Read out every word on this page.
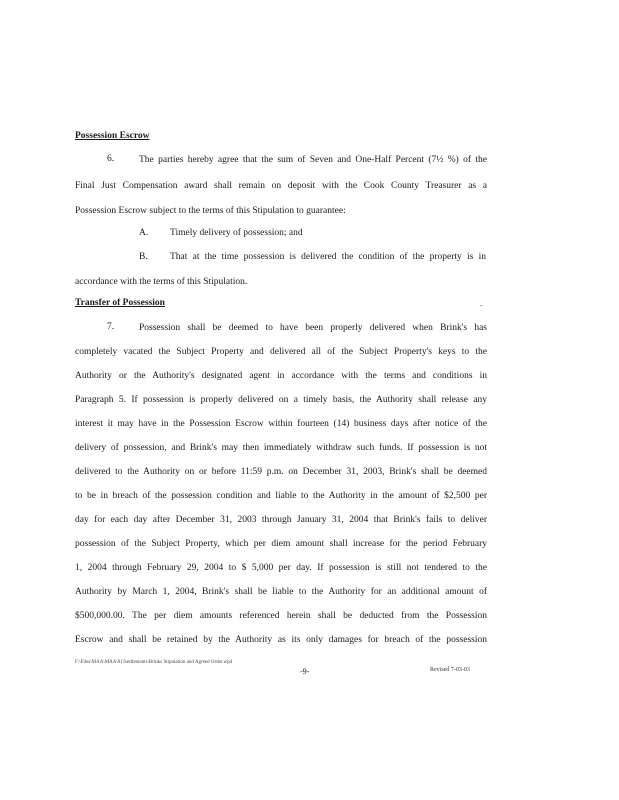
Possession Escrow
6.	The parties hereby agree that the sum of Seven and One-Half Percent (7½ %) of the
Final Just Compensation award shall remain on deposit with the Cook County Treasurer as a
Possession Escrow subject to the terms of this Stipulation to guarantee:
A. Timely delivery of possession; and
B. That at the time possession is delivered the condition of the property is in
accordance with the terms of this Stipulation.
Transfer of Possession	-
7.	Possession shall be deemed to have been properly delivered when Brink's has
completely vacated the Subject Property and delivered all of the Subject Property's keys to the
Authority or the Authority's designated agent in accordance with the terms and conditions in
Paragraph 5. If possession is properly delivered on a timely basis, the Authority shall release any
interest it may have in the Possession Escrow within fourteen (14) business days after notice of the
delivery of possession, and Brink's may then immediately withdraw such funds. If possession is not
delivered to the Authority on or before 11:59 p.m. on December 31, 2003, Brink's shall be deemed
to be in breach of the possession condition and liable to the Authority in the amount of $2,500 per
day for each day after December 31, 2003 through January 31, 2004 that Brink's fails to deliver
possession of the Subject Property, which per diem amount shall increase for the period February
1, 2004 through February 29, 2004 to $ 5,000 per day. If possession is still not tendered to the
Authority by March 1, 2004, Brink's shall be liable to the Authority for an additional amount of
$500,000.00. The per diem amounts referenced herein shall be deducted from the Possession
Escrow and shall be retained by the Authority as its only damages for breach of the possession
F:\Files\MAA\MAA\01\Settlements\Brinks Stipulation and Agreed Order.wpd
-9-	Revised 7-03-03
